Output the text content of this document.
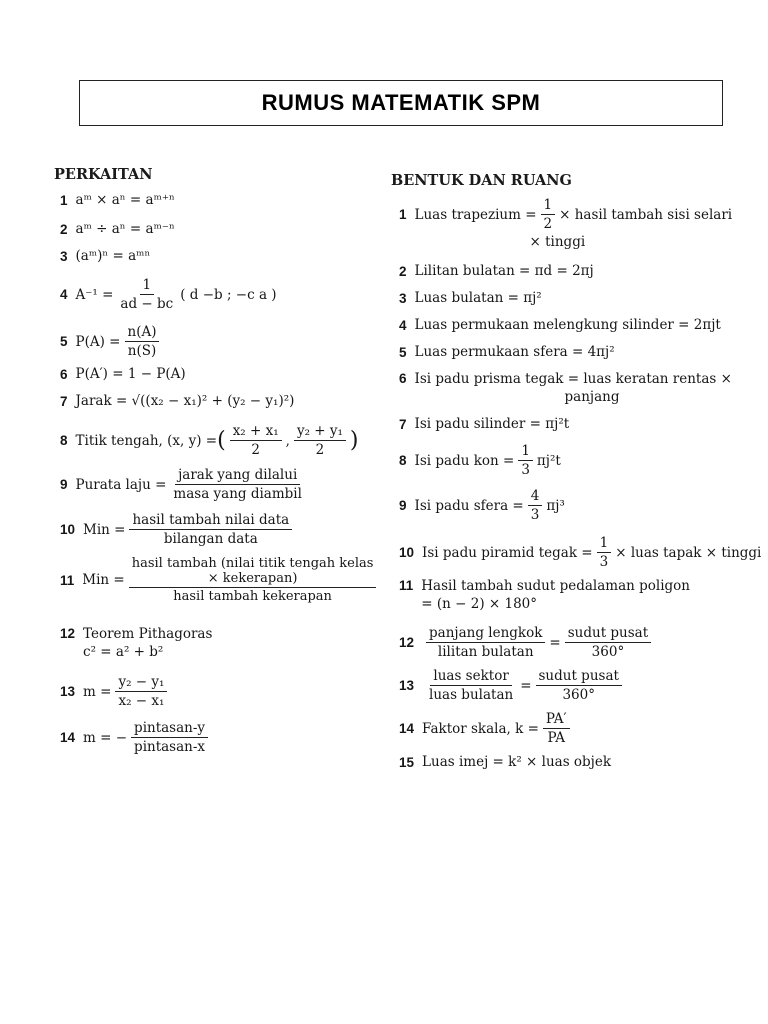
RUMUS MATEMATIK SPM
PERKAITAN
1 aᵐ × aⁿ = aᵐ⁺ⁿ
2 aᵐ ÷ aⁿ = aᵐ⁻ⁿ
3 (aᵐ)ⁿ = aᵐⁿ
4 $A^{-1} = \frac{1}{ad - bc}$ ( d −b ; −c a )
5 $P(A) = \frac{n(A)}{n(S)}$
6 P(A′) = 1 − P(A)
7 Jarak = √((x₂ − x₁)² + (y₂ − y₁)²)
8 Titik tengah, (x, y) = ( $\frac{\text{x₂ + x₁}}{2}$ , $\frac{\text{y₂ + y₁}}{2}$ )
9 Purata laju = $\frac{\text{jarak yang dilalui}}{\text{masa yang diambil}}$
10 Min = $\frac{\text{hasil tambah nilai data}}{\text{bilangan data}}$
11 Min = hasil tambah (nilai titik tengah kelas
× kekerapan)
hasil tambah kekerapan
12 Teorem Pithagoras
c² = a² + b²
13 $m = \frac{\text{y₂ − y₁}}{\text{x₂ − x₁}}$
14 m = − $\frac{\text{pintasan-y}}{\text{pintasan-x}}$
BENTUK DAN RUANG
1 Luas trapezium = $\frac{1}{2}$ × hasil tambah sisi selari
× tinggi
2 Lilitan bulatan = πd = 2πj
3 Luas bulatan = πj²
4 Luas permukaan melengkung silinder = 2πjt
5 Luas permukaan sfera = 4πj²
6 Isi padu prisma tegak = luas keratan rentas ×
panjang
7 Isi padu silinder = πj²t
8 Isi padu kon = $\frac{1}{3} \pi j^2t$
9 Isi padu sfera = $\frac{4}{3} \pi j^3$
10 Isi padu piramid tegak = $\frac{1}{3}$ × luas tapak × tinggi
11 Hasil tambah sudut pedalaman poligon
= (n − 2) × 180°
$12 \frac{\text{panjang lengkok}}{\text{lilitan bulatan}} = \frac{\text{sudut pusat}}{360^\circ}$
$13 \frac{\text{luas sektor}}{\text{luas bulatan}} = \frac{\text{sudut pusat}}{360^\circ}$
14 Faktor skala, $k = \frac{PA'}{PA}$
15 Luas imej = k² × luas objek
